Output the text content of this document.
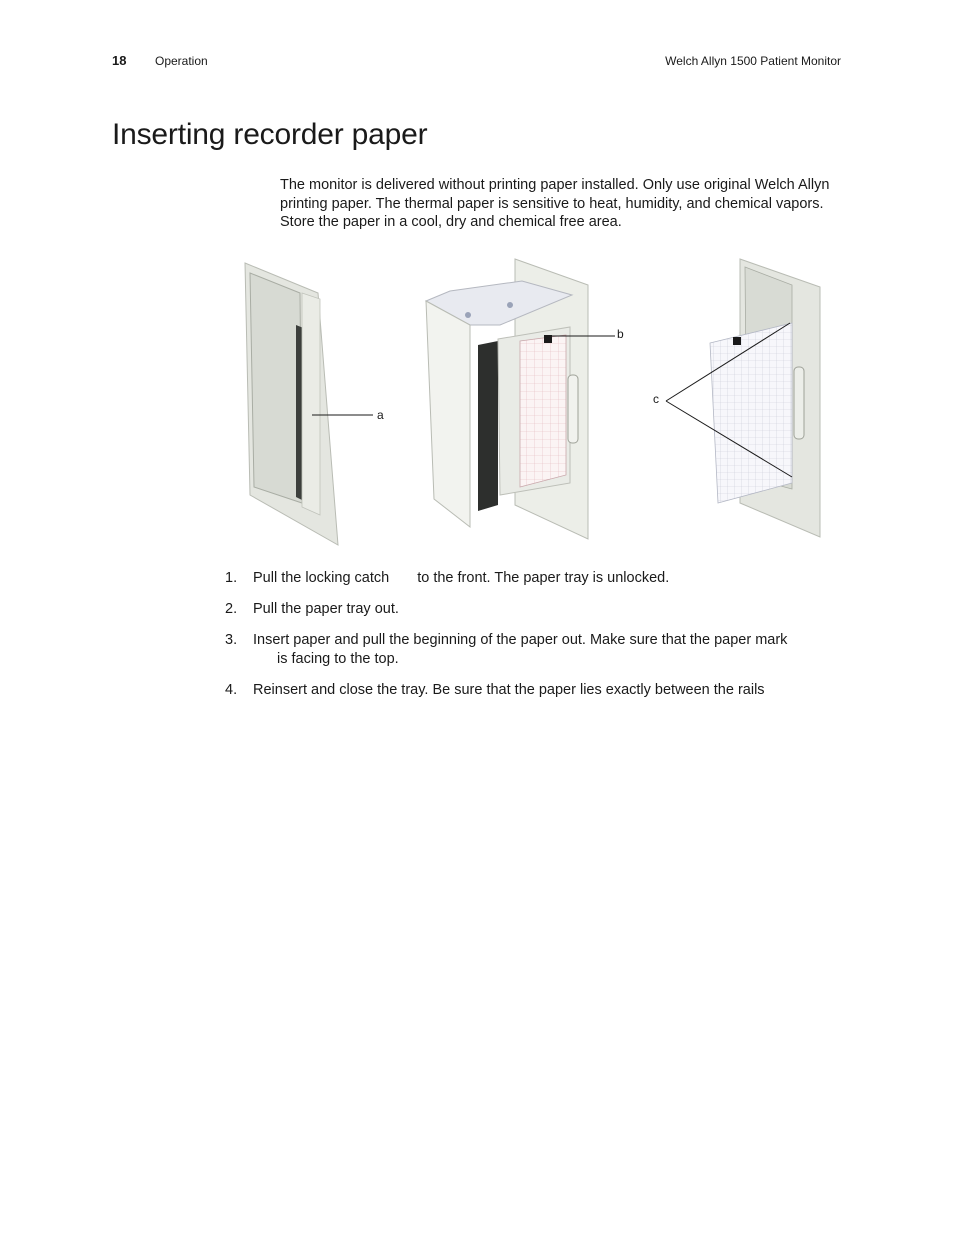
18 Operation	Welch Allyn 1500 Patient Monitor
Inserting recorder paper

The monitor is delivered without printing paper installed. Only use original Welch Allyn printing paper. The thermal paper is sensitive to heat, humidity, and chemical vapors. Store the paper in a cool, dry and chemical free area.

a
b
c
1. Pull the locking catch to the front. The paper tray is unlocked.
2. Pull the paper tray out.
3. Insert paper and pull the beginning of the paper out. Make sure that the paper mark
is facing to the top.
4. Reinsert and close the tray. Be sure that the paper lies exactly between the rails
